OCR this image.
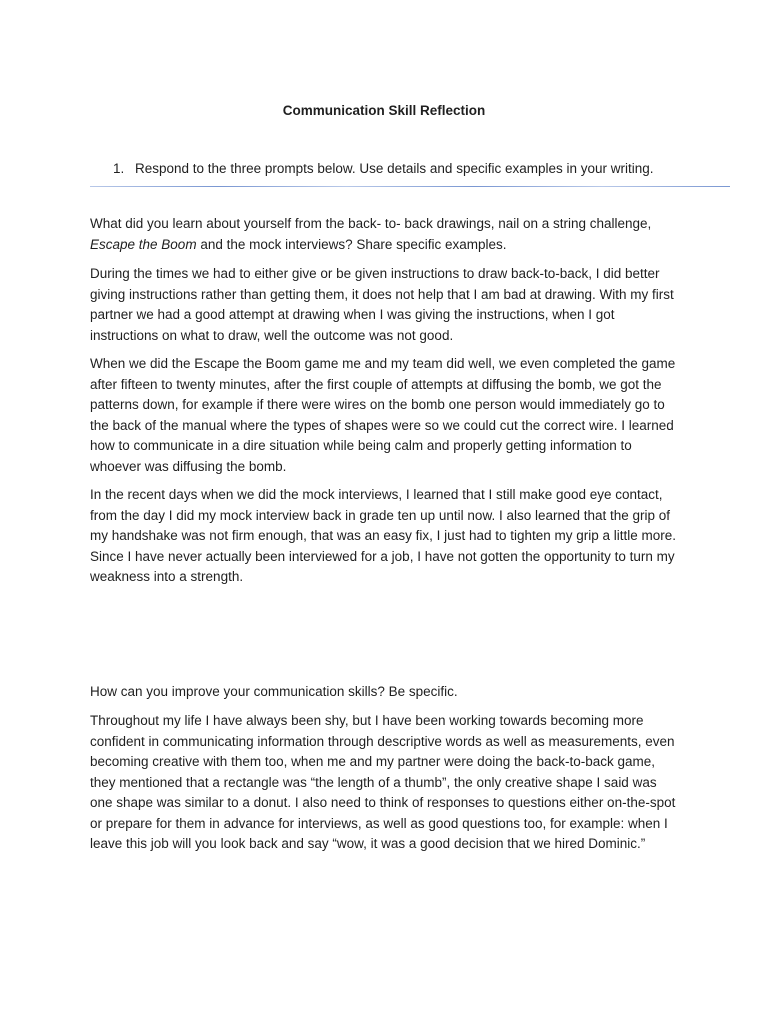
Communication Skill Reflection
1. Respond to the three prompts below. Use details and specific examples in your writing.

What did you learn about yourself from the back- to- back drawings, nail on a string challenge, Escape the Boom and the mock interviews? Share specific examples.

During the times we had to either give or be given instructions to draw back-to-back, I did better giving instructions rather than getting them, it does not help that I am bad at drawing. With my first partner we had a good attempt at drawing when I was giving the instructions, when I got instructions on what to draw, well the outcome was not good.

When we did the Escape the Boom game me and my team did well, we even completed the game after fifteen to twenty minutes, after the first couple of attempts at diffusing the bomb, we got the patterns down, for example if there were wires on the bomb one person would immediately go to the back of the manual where the types of shapes were so we could cut the correct wire. I learned how to communicate in a dire situation while being calm and properly getting information to whoever was diffusing the bomb.

In the recent days when we did the mock interviews, I learned that I still make good eye contact, from the day I did my mock interview back in grade ten up until now. I also learned that the grip of my handshake was not firm enough, that was an easy fix, I just had to tighten my grip a little more. Since I have never actually been interviewed for a job, I have not gotten the opportunity to turn my weakness into a strength.

How can you improve your communication skills? Be specific.

Throughout my life I have always been shy, but I have been working towards becoming more confident in communicating information through descriptive words as well as measurements, even becoming creative with them too, when me and my partner were doing the back-to-back game, they mentioned that a rectangle was “the length of a thumb”, the only creative shape I said was one shape was similar to a donut. I also need to think of responses to questions either on-the-spot or prepare for them in advance for interviews, as well as good questions too, for example: when I leave this job will you look back and say “wow, it was a good decision that we hired Dominic.”
